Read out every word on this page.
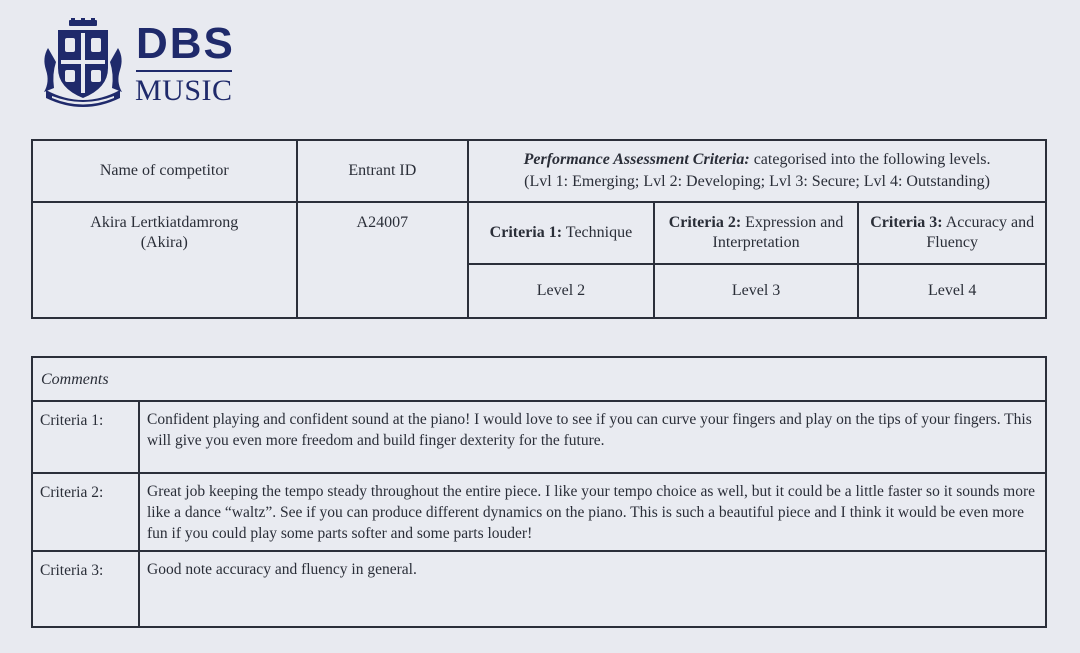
DBS
MUSIC
Name of competitor	Entrant ID	Performance Assessment Criteria: categorised into the following levels.
(Lvl 1: Emerging; Lvl 2: Developing; Lvl 3: Secure; Lvl 4: Outstanding)		
Akira Lertkiatdamrong
(Akira)	A24007	Criteria 1: Technique	Criteria 2: Expression and Interpretation	Criteria 3: Accuracy and Fluency
		Level 2	Level 3	Level 4
Comments	
Criteria 1:	Confident playing and confident sound at the piano! I would love to see if you can curve your fingers and play on the tips of your fingers. This will give you even more freedom and build finger dexterity for the future.
Criteria 2:	Great job keeping the tempo steady throughout the entire piece. I like your tempo choice as well, but it could be a little faster so it sounds more like a dance “waltz”. See if you can produce different dynamics on the piano. This is such a beautiful piece and I think it would be even more fun if you could play some parts softer and some parts louder!
Criteria 3:	Good note accuracy and fluency in general.
